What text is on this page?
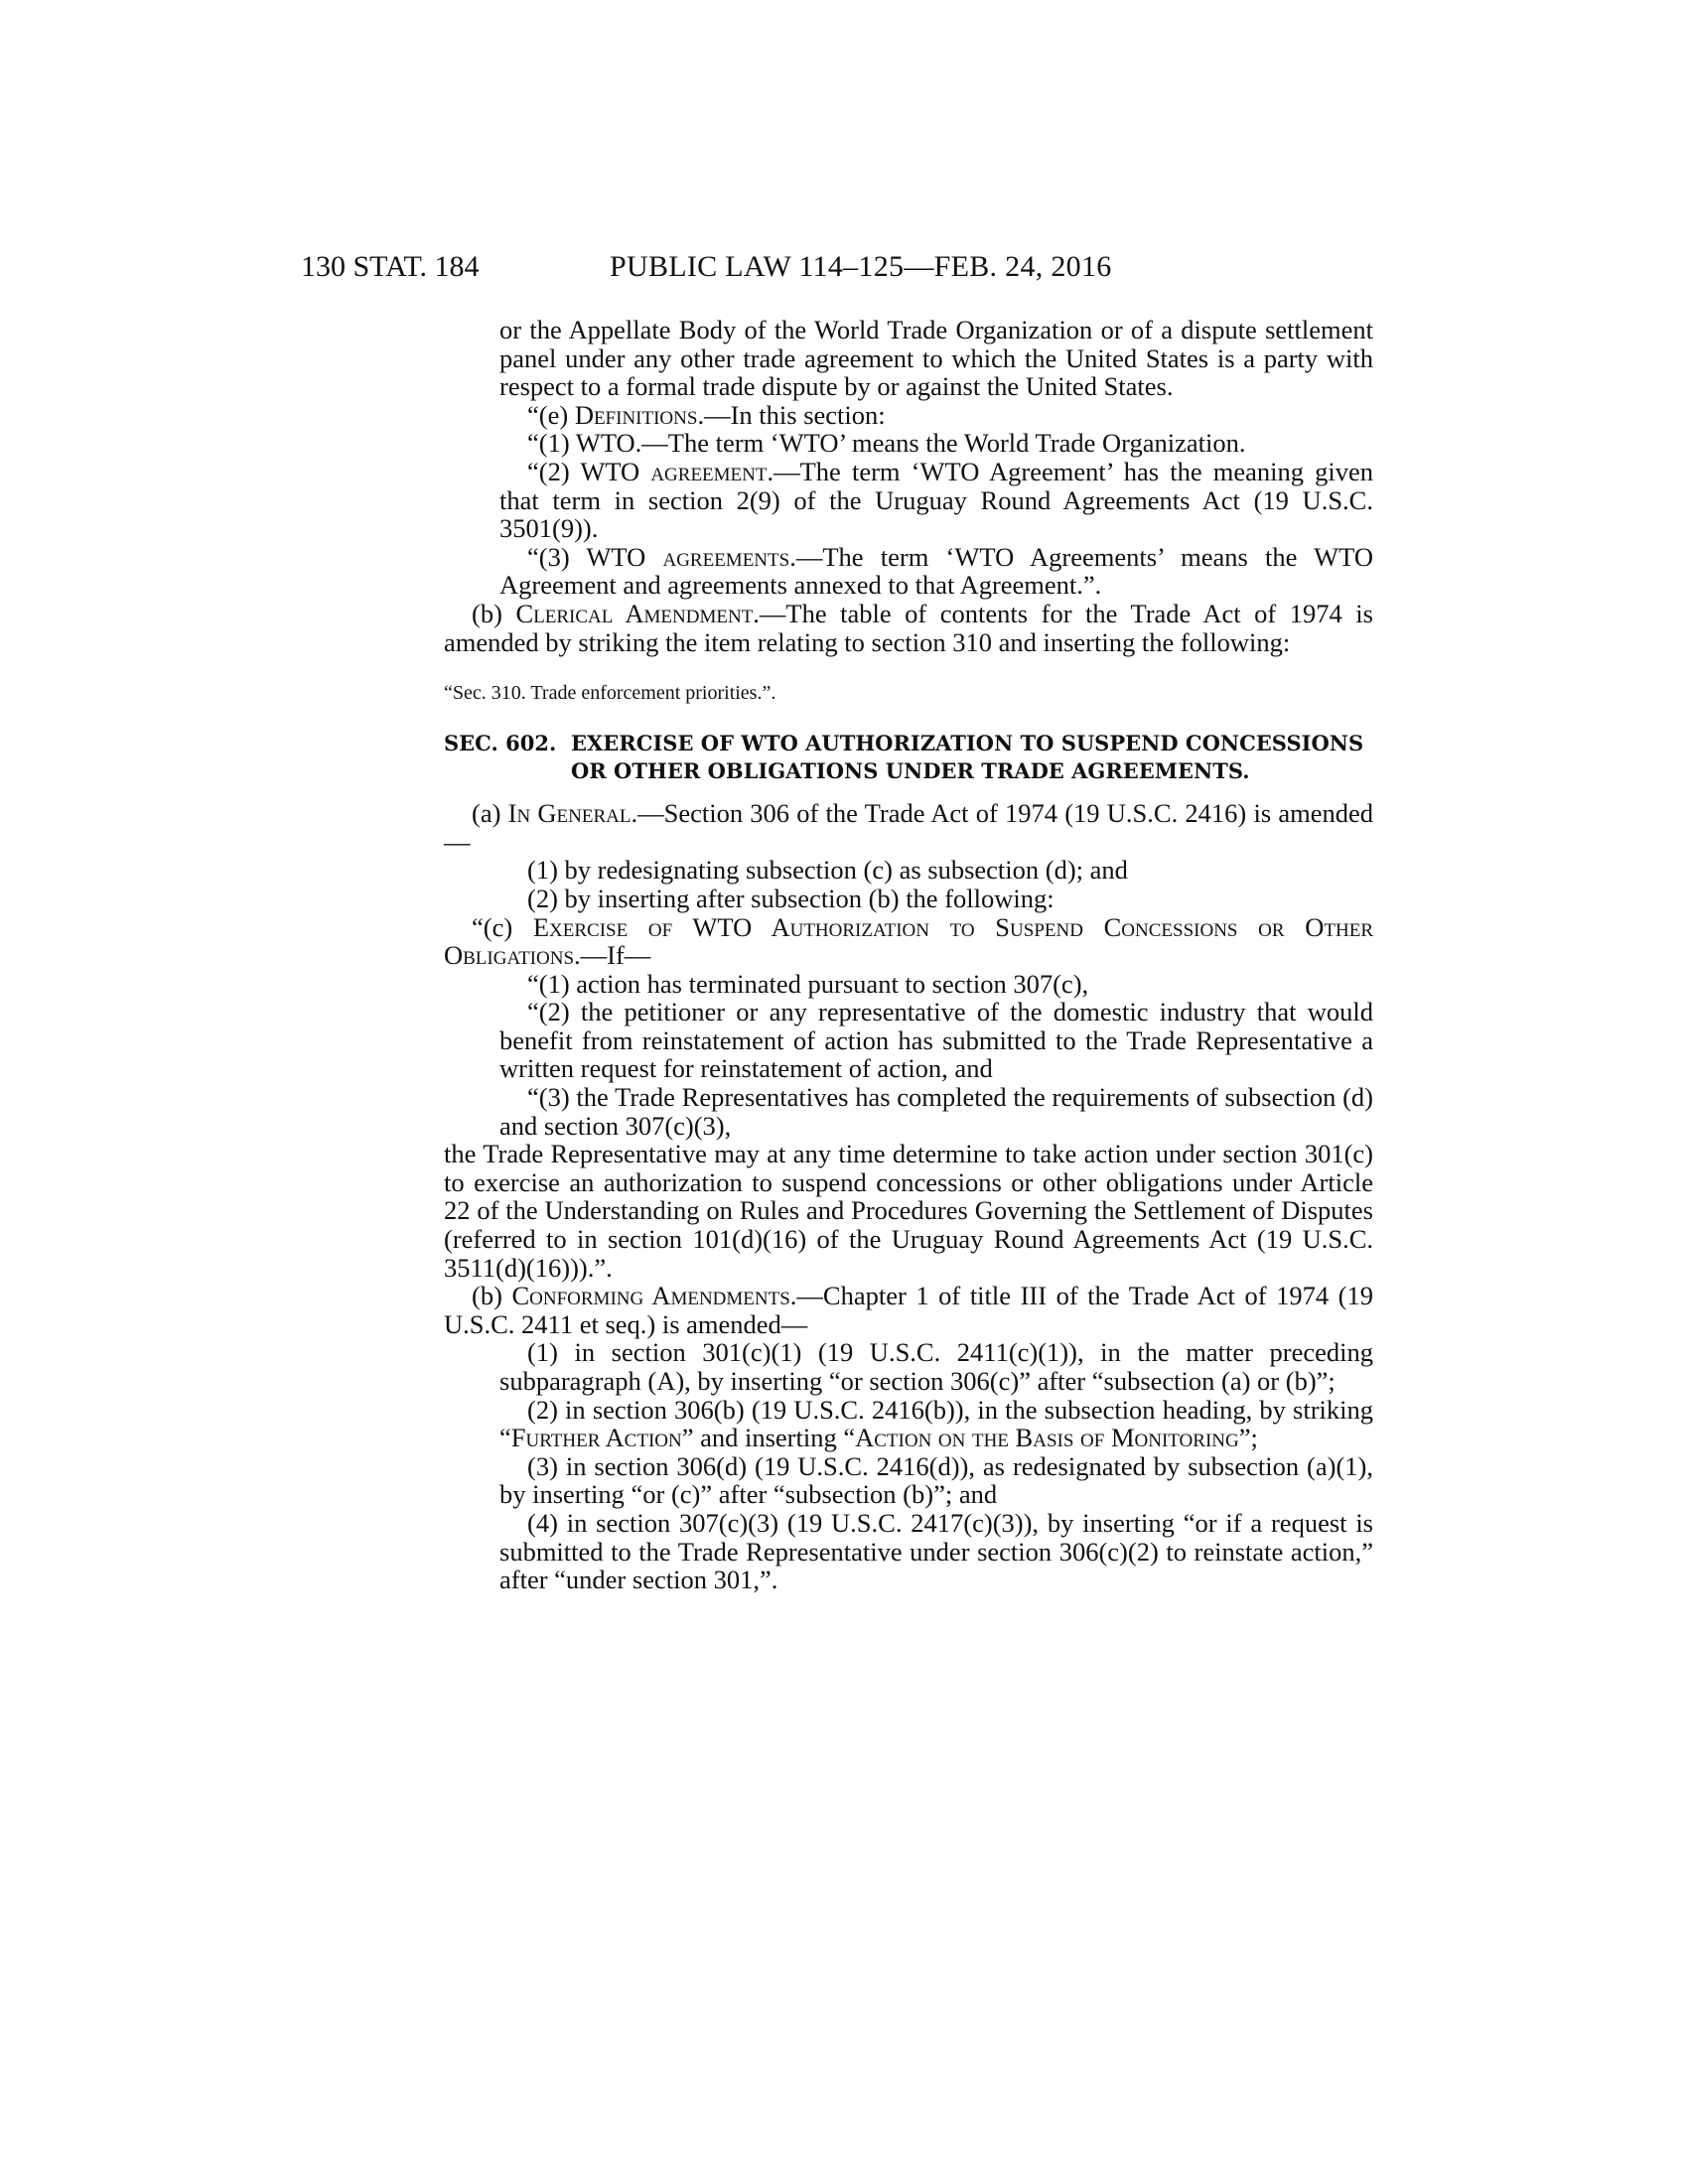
130 STAT. 184	PUBLIC LAW 114–125—FEB. 24, 2016

or the Appellate Body of the World Trade Organization or of a dispute settlement panel under any other trade agreement to which the United States is a party with respect to a formal trade dispute by or against the United States.

“(e) Definitions.—In this section:

“(1) WTO.—The term ‘WTO’ means the World Trade Organization.

“(2) WTO agreement.—The term ‘WTO Agreement’ has the meaning given that term in section 2(9) of the Uruguay Round Agreements Act (19 U.S.C. 3501(9)).

“(3) WTO agreements.—The term ‘WTO Agreements’ means the WTO Agreement and agreements annexed to that Agreement.”.

(b) Clerical Amendment.—The table of contents for the Trade Act of 1974 is amended by striking the item relating to section 310 and inserting the following:

“Sec. 310. Trade enforcement priorities.”.

SEC. 602. EXERCISE OF WTO AUTHORIZATION TO SUSPEND CONCESSIONS OR OTHER OBLIGATIONS UNDER TRADE AGREEMENTS.

(a) In General.—Section 306 of the Trade Act of 1974 (19 U.S.C. 2416) is amended—

(1) by redesignating subsection (c) as subsection (d); and

(2) by inserting after subsection (b) the following:

“(c) Exercise of WTO Authorization to Suspend Concessions or Other Obligations.—If—

“(1) action has terminated pursuant to section 307(c),

“(2) the petitioner or any representative of the domestic industry that would benefit from reinstatement of action has submitted to the Trade Representative a written request for reinstatement of action, and

“(3) the Trade Representatives has completed the requirements of subsection (d) and section 307(c)(3),

the Trade Representative may at any time determine to take action under section 301(c) to exercise an authorization to suspend concessions or other obligations under Article 22 of the Understanding on Rules and Procedures Governing the Settlement of Disputes (referred to in section 101(d)(16) of the Uruguay Round Agreements Act (19 U.S.C. 3511(d)(16))).”.

(b) Conforming Amendments.—Chapter 1 of title III of the Trade Act of 1974 (19 U.S.C. 2411 et seq.) is amended—

(1) in section 301(c)(1) (19 U.S.C. 2411(c)(1)), in the matter preceding subparagraph (A), by inserting “or section 306(c)” after “subsection (a) or (b)”;

(2) in section 306(b) (19 U.S.C. 2416(b)), in the subsection heading, by striking “Further Action” and inserting “Action on the Basis of Monitoring”;

(3) in section 306(d) (19 U.S.C. 2416(d)), as redesignated by subsection (a)(1), by inserting “or (c)” after “subsection (b)”; and

(4) in section 307(c)(3) (19 U.S.C. 2417(c)(3)), by inserting “or if a request is submitted to the Trade Representative under section 306(c)(2) to reinstate action,” after “under section 301,”.
